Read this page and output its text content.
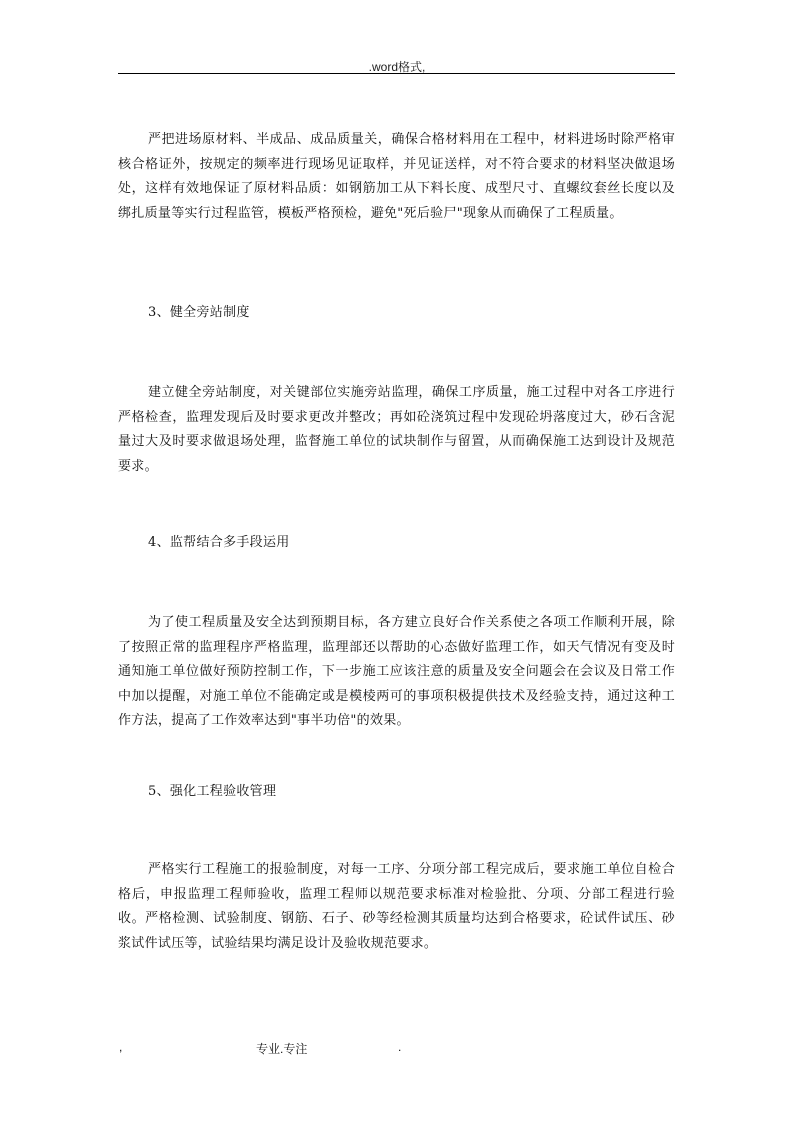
.word格式,

严把进场原材料、半成品、成品质量关，确保合格材料用在工程中，材料进场时除严格审核合格证外，按规定的频率进行现场见证取样，并见证送样，对不符合要求的材料坚决做退场处，这样有效地保证了原材料品质：如钢筋加工从下料长度、成型尺寸、直螺纹套丝长度以及绑扎质量等实行过程监管，模板严格预检，避免"死后验尸"现象从而确保了工程质量。

3、健全旁站制度

建立健全旁站制度，对关键部位实施旁站监理，确保工序质量，施工过程中对各工序进行严格检查，监理发现后及时要求更改并整改；再如砼浇筑过程中发现砼坍落度过大，砂石含泥量过大及时要求做退场处理，监督施工单位的试块制作与留置，从而确保施工达到设计及规范要求。

4、监帮结合多手段运用

为了使工程质量及安全达到预期目标，各方建立良好合作关系使之各项工作顺利开展，除了按照正常的监理程序严格监理，监理部还以帮助的心态做好监理工作，如天气情况有变及时通知施工单位做好预防控制工作，下一步施工应该注意的质量及安全问题会在会议及日常工作中加以提醒，对施工单位不能确定或是模棱两可的事项积极提供技术及经验支持，通过这种工作方法，提高了工作效率达到"事半功倍"的效果。

5、强化工程验收管理

严格实行工程施工的报验制度，对每一工序、分项分部工程完成后，要求施工单位自检合格后，申报监理工程师验收，监理工程师以规范要求标准对检验批、分项、分部工程进行验收。严格检测、试验制度、钢筋、石子、砂等经检测其质量均达到合格要求，砼试件试压、砂浆试件试压等，试验结果均满足设计及验收规范要求。

,	专业.专注	.
